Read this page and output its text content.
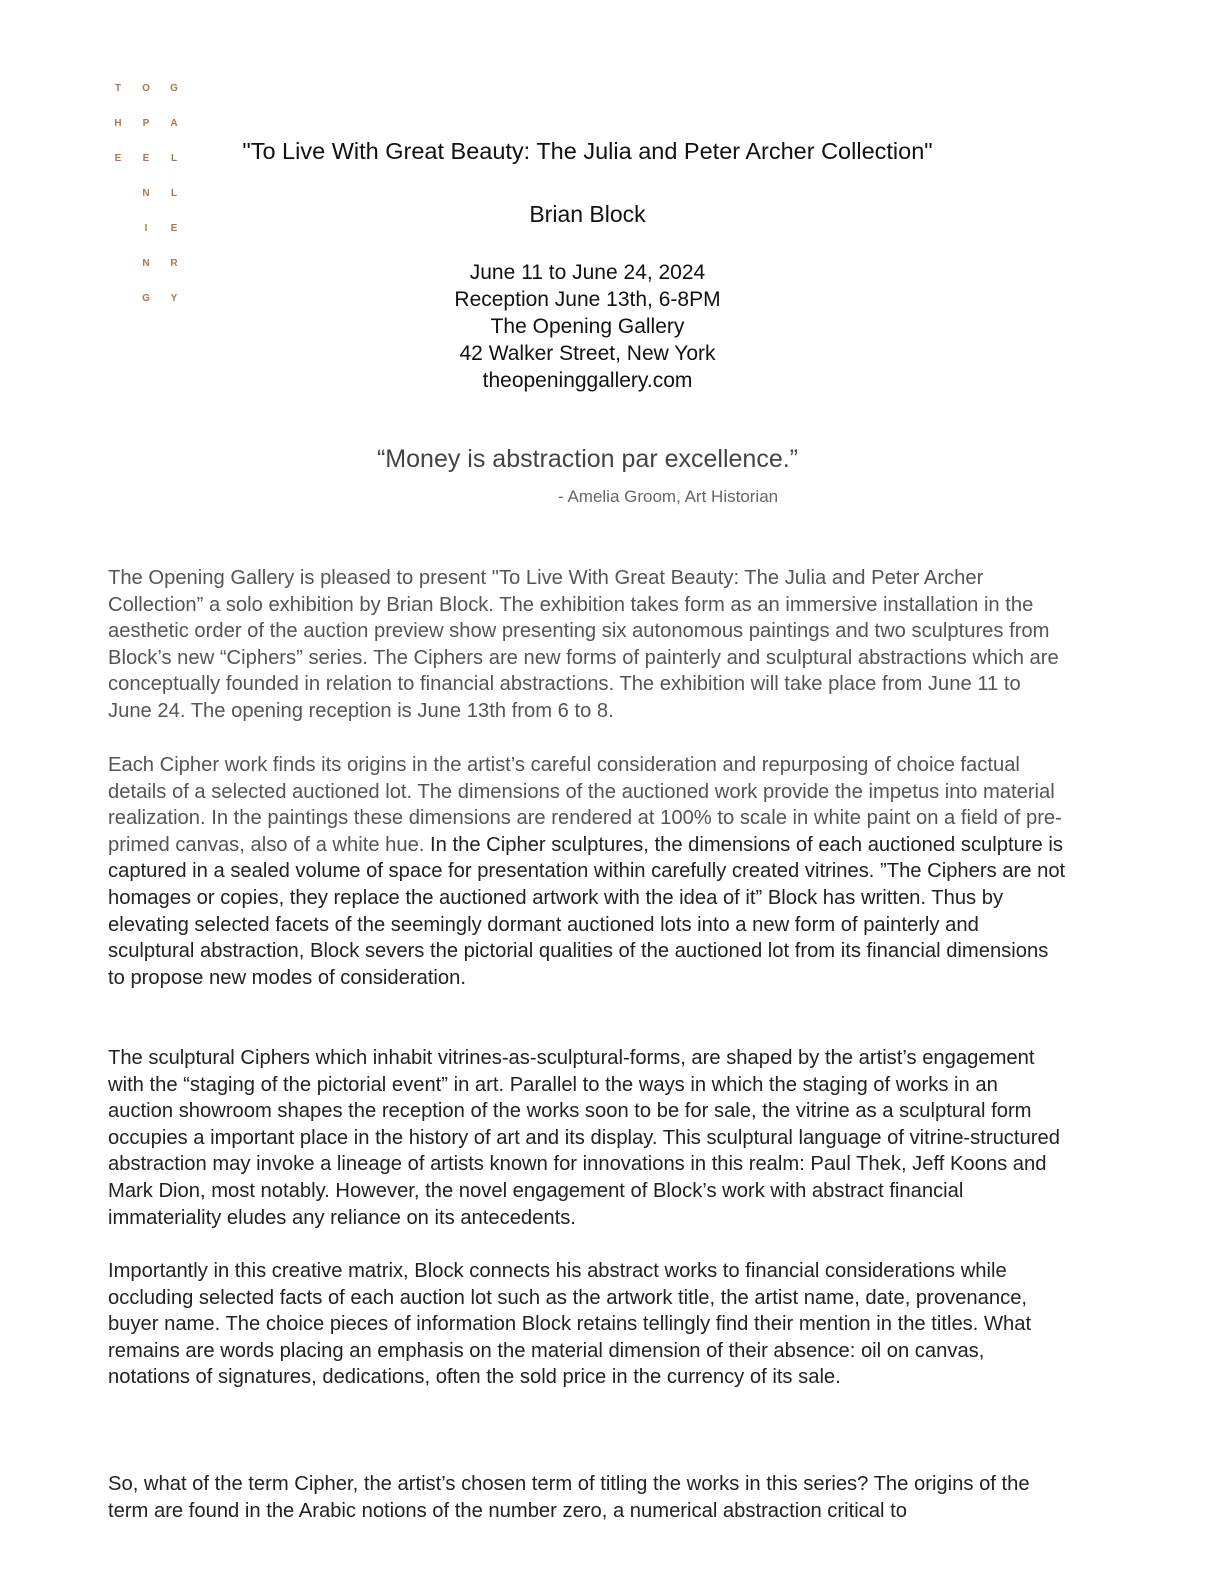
T
H
E
O
P
E
N
I
N
G
G
A
L
L
E
R
Y
"To Live With Great Beauty: The Julia and Peter Archer Collection"
Brian Block
June 11 to June 24, 2024
Reception June 13th, 6-8PM
The Opening Gallery
42 Walker Street, New York
theopeninggallery.com
“Money is abstraction par excellence.”
- Amelia Groom, Art Historian

The Opening Gallery is pleased to present "To Live With Great Beauty: The Julia and Peter Archer Collection” a solo exhibition by Brian Block. The exhibition takes form as an immersive installation in the aesthetic order of the auction preview show presenting six autonomous paintings and two sculptures from Block’s new “Ciphers” series. The Ciphers are new forms of painterly and sculptural abstractions which are conceptually founded in relation to financial abstractions. The exhibition will take place from June 11 to June 24. The opening reception is June 13th from 6 to 8.

Each Cipher work finds its origins in the artist’s careful consideration and repurposing of choice factual details of a selected auctioned lot. The dimensions of the auctioned work provide the impetus into material realization. In the paintings these dimensions are rendered at 100% to scale in white paint on a field of pre-primed canvas, also of a white hue. In the Cipher sculptures, the dimensions of each auctioned sculpture is captured in a sealed volume of space for presentation within carefully created vitrines. ”The Ciphers are not homages or copies, they replace the auctioned artwork with the idea of it” Block has written. Thus by elevating selected facets of the seemingly dormant auctioned lots into a new form of painterly and sculptural abstraction, Block severs the pictorial qualities of the auctioned lot from its financial dimensions to propose new modes of consideration.

The sculptural Ciphers which inhabit vitrines-as-sculptural-forms, are shaped by the artist’s engagement with the “staging of the pictorial event” in art. Parallel to the ways in which the staging of works in an auction showroom shapes the reception of the works soon to be for sale, the vitrine as a sculptural form occupies a important place in the history of art and its display. This sculptural language of vitrine-structured abstraction may invoke a lineage of artists known for innovations in this realm: Paul Thek, Jeff Koons and Mark Dion, most notably. However, the novel engagement of Block’s work with abstract financial immateriality eludes any reliance on its antecedents.

Importantly in this creative matrix, Block connects his abstract works to financial considerations while occluding selected facts of each auction lot such as the artwork title, the artist name, date, provenance, buyer name. The choice pieces of information Block retains tellingly find their mention in the titles. What remains are words placing an emphasis on the material dimension of their absence: oil on canvas, notations of signatures, dedications, often the sold price in the currency of its sale.

So, what of the term Cipher, the artist’s chosen term of titling the works in this series? The origins of the term are found in the Arabic notions of the number zero, a numerical abstraction critical to
